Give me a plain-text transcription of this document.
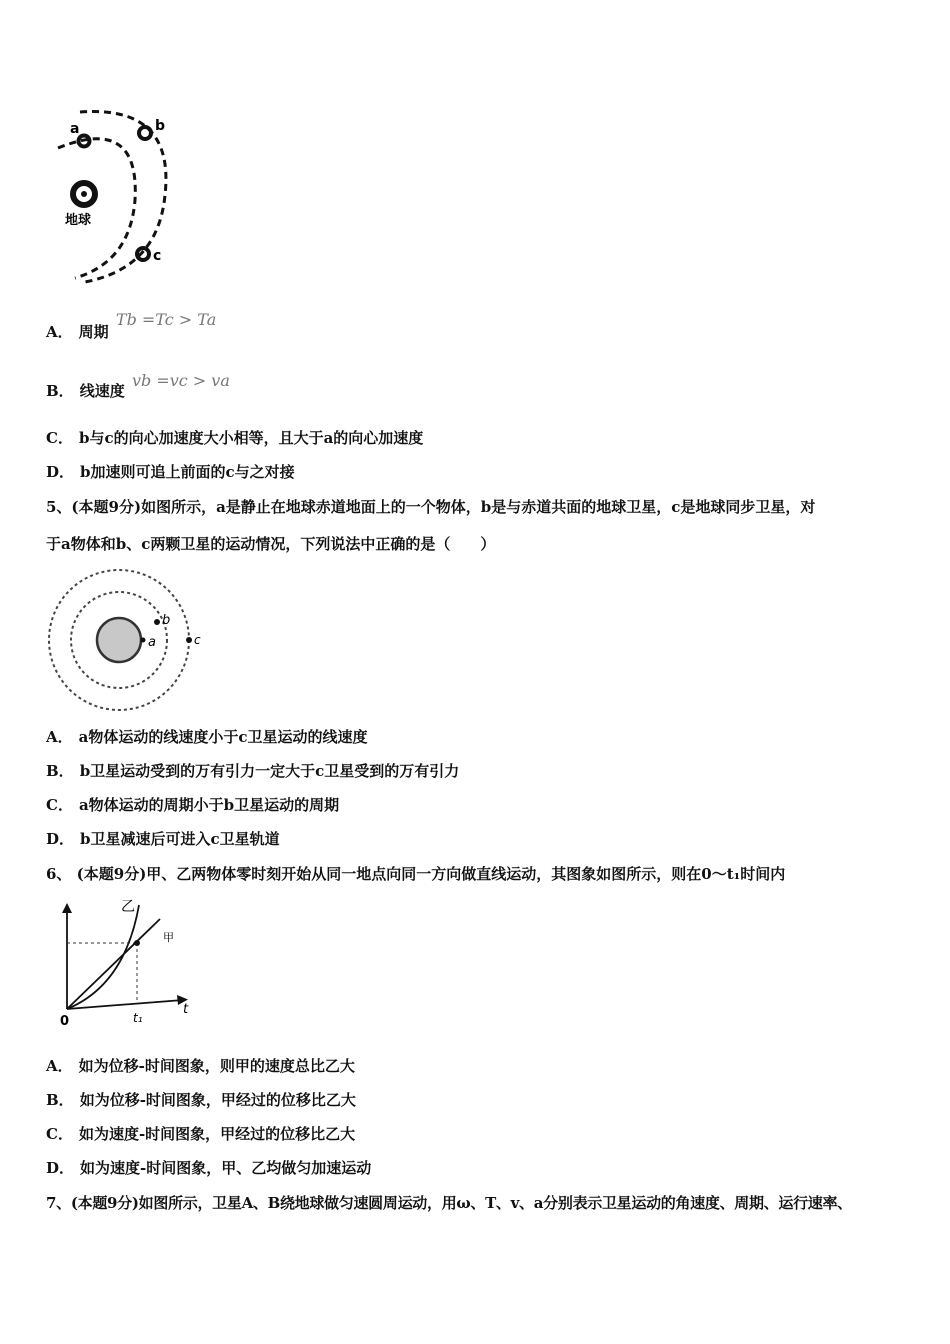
地球
a	b
c
A． 周期 Tb =Tc > Ta
B． 线速度 vb =vc > va
C． b与c的向心加速度大小相等，且大于a的向心加速度
D． b加速则可追上前面的c与之对接
5、(本题9分)如图所示，a是静止在地球赤道地面上的一个物体，b是与赤道共面的地球卫星，c是地球同步卫星，对
于a物体和b、c两颗卫星的运动情况，下列说法中正确的是（　　）
a
b
c
A． a物体运动的线速度小于c卫星运动的线速度
B． b卫星运动受到的万有引力一定大于c卫星受到的万有引力
C． a物体运动的周期小于b卫星运动的周期
D． b卫星减速后可进入c卫星轨道
6、 (本题9分)甲、乙两物体零时刻开始从同一地点向同一方向做直线运动，其图象如图所示，则在0～t₁时间内
乙
甲
0
t
t₁
A． 如为位移-时间图象，则甲的速度总比乙大
B． 如为位移-时间图象，甲经过的位移比乙大
C． 如为速度-时间图象，甲经过的位移比乙大
D． 如为速度-时间图象，甲、乙均做匀加速运动
7、(本题9分)如图所示，卫星A、B绕地球做匀速圆周运动，用ω、T、v、a分别表示卫星运动的角速度、周期、运行速率、
